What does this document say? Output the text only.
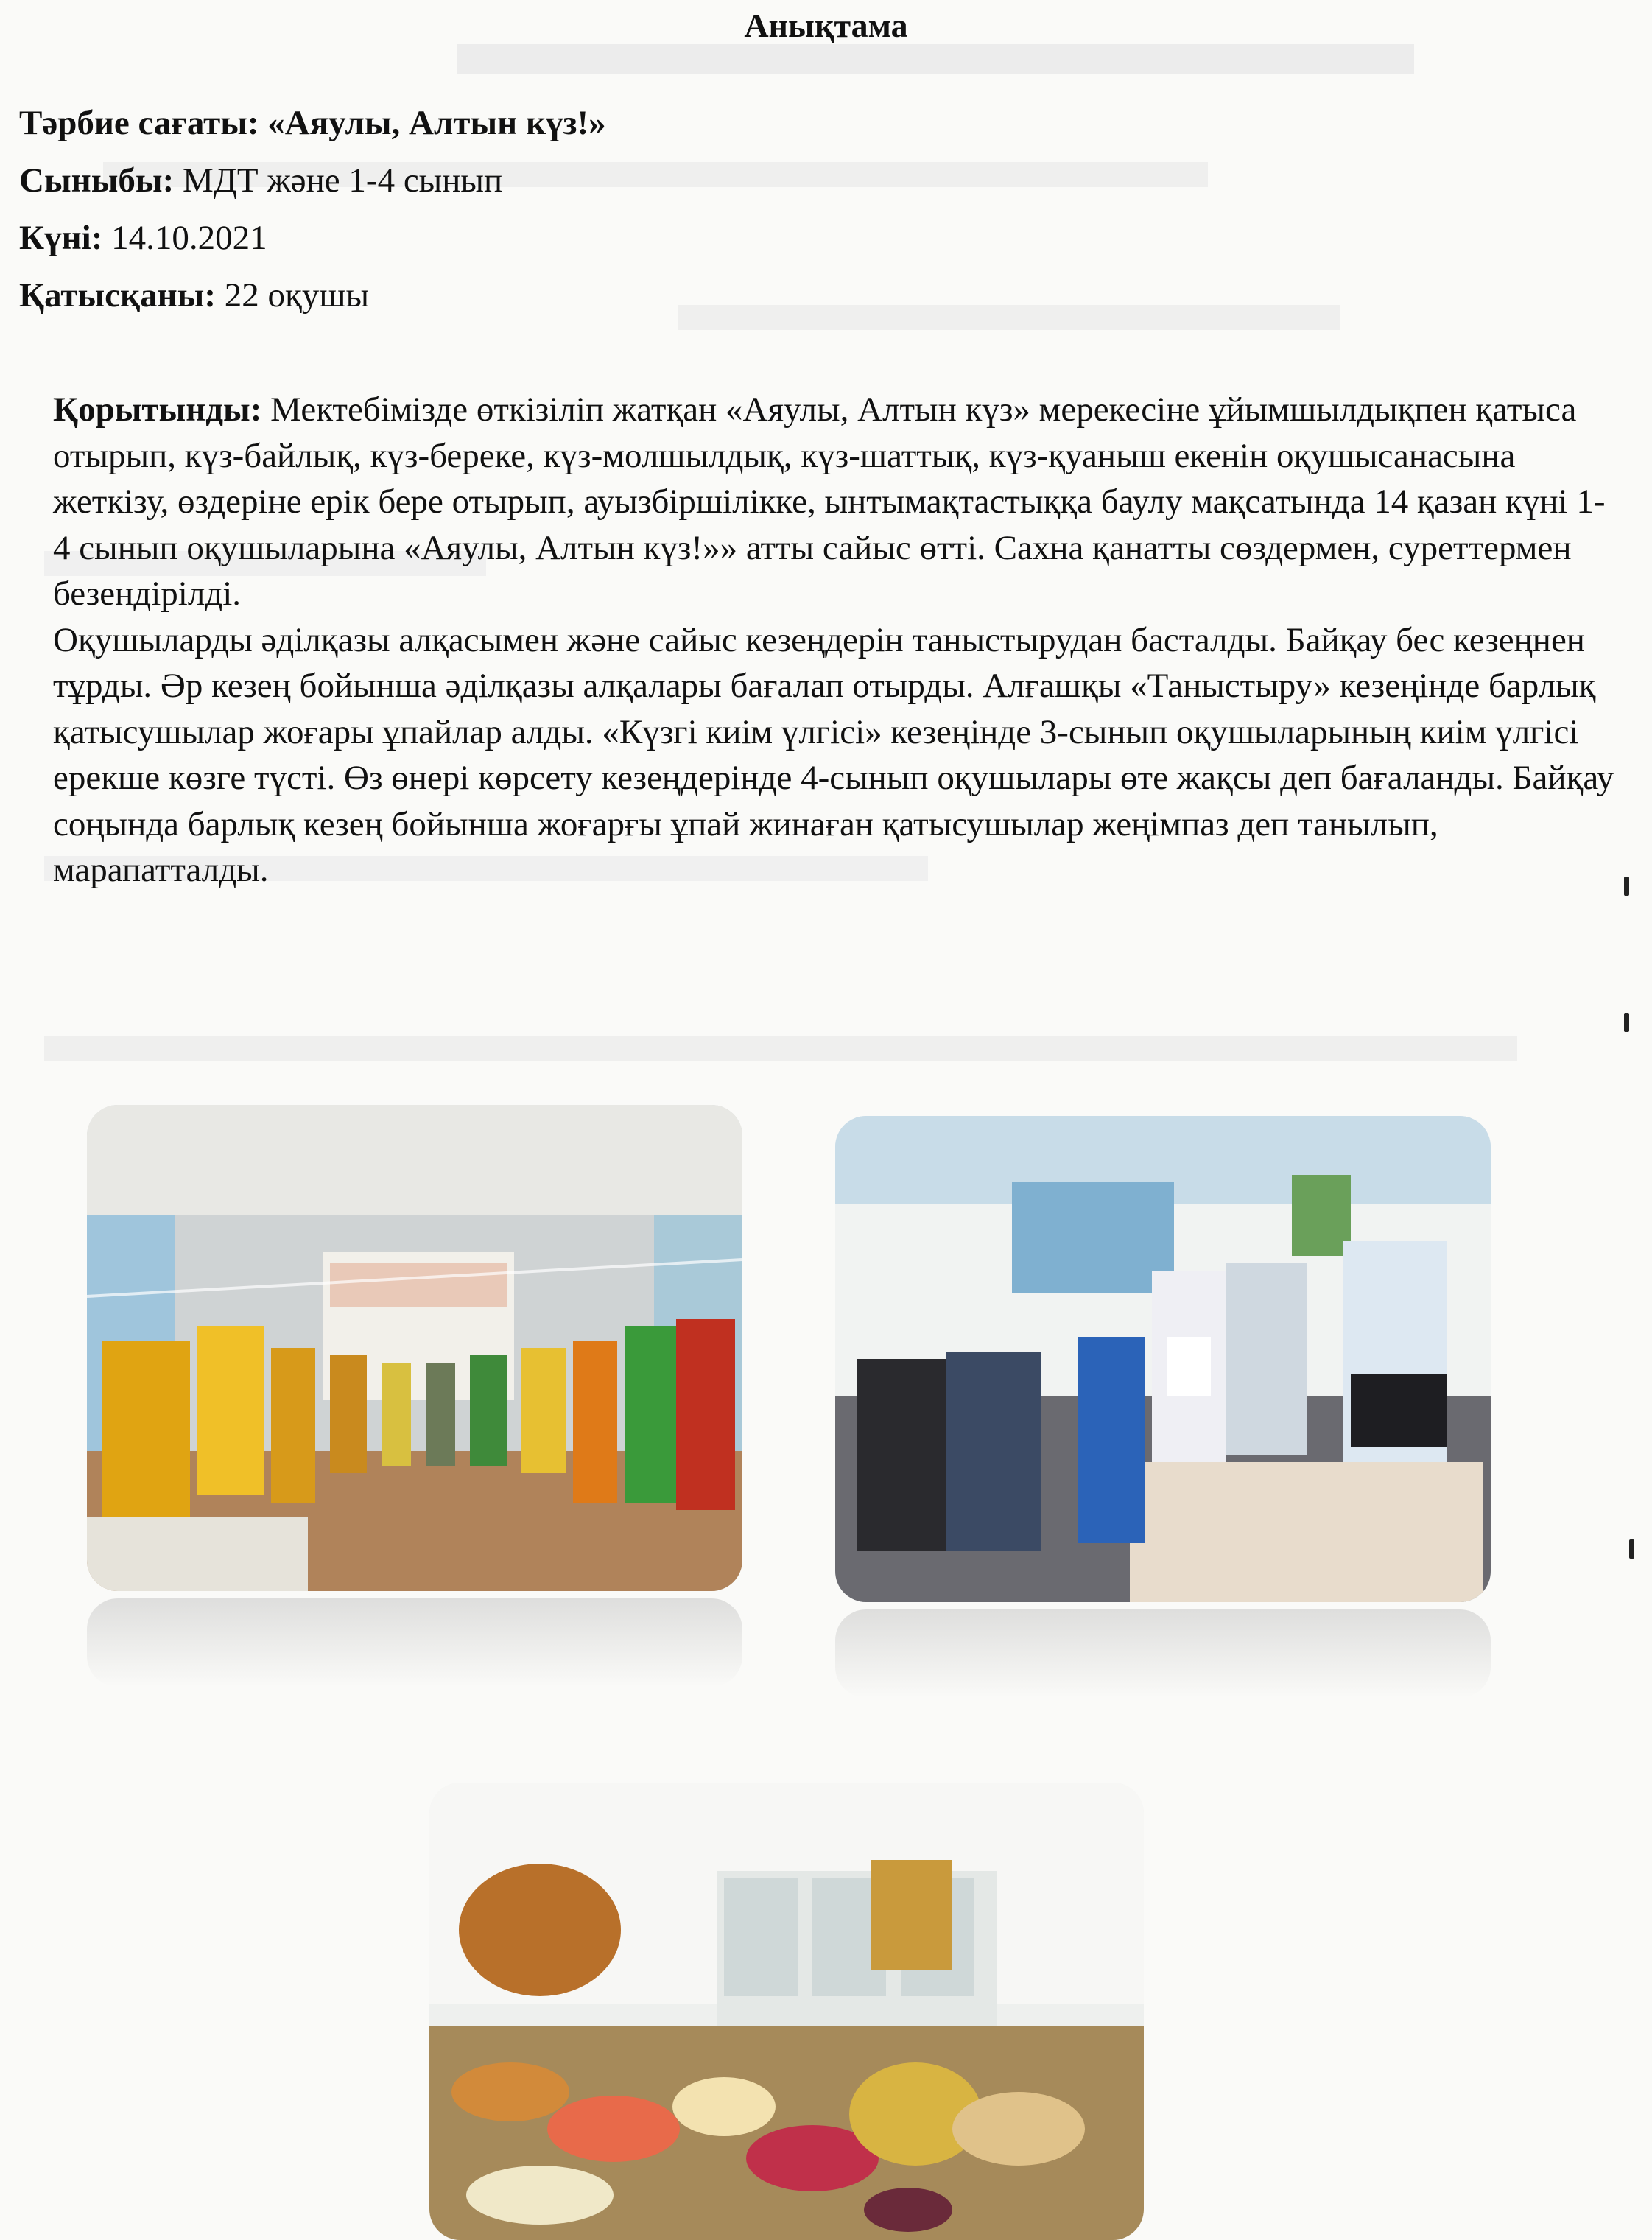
Анықтама
Тәрбие сағаты: «Аяулы, Алтын күз!»
Сыныбы: МДТ және 1-4 сынып
Күні: 14.10.2021
Қатысқаны: 22 оқушы

Қорытынды: Мектебімізде өткізіліп жатқан «Аяулы, Алтын күз» мерекесіне ұйымшылдықпен қатыса отырып, күз-байлық, күз-береке, күз-молшылдық, күз-шаттық, күз-қуаныш екенін оқушысанасына жеткізу, өздеріне ерік бере отырып, ауызбіршілікке, ынтымақтастыққа баулу мақсатында 14 қазан күні 1-4 сынып оқушыларына «Аяулы, Алтын күз!»» атты сайыс өтті. Сахна қанатты сөздермен, суреттермен безендірілді.

Оқушыларды әділқазы алқасымен және сайыс кезеңдерін таныстырудан басталды. Байқау бес кезеңнен тұрды. Әр кезең бойынша әділқазы алқалары бағалап отырды. Алғашқы «Таныстыру» кезеңінде барлық қатысушылар жоғары ұпайлар алды. «Күзгі киім үлгісі» кезеңінде 3-сынып оқушыларының киім үлгісі ерекше көзге түсті. Өз өнері көрсету кезеңдерінде 4-сынып оқушылары өте жақсы деп бағаланды. Байқау соңында барлық кезең бойынша жоғарғы ұпай жинаған қатысушылар жеңімпаз деп танылып, марапатталды.
